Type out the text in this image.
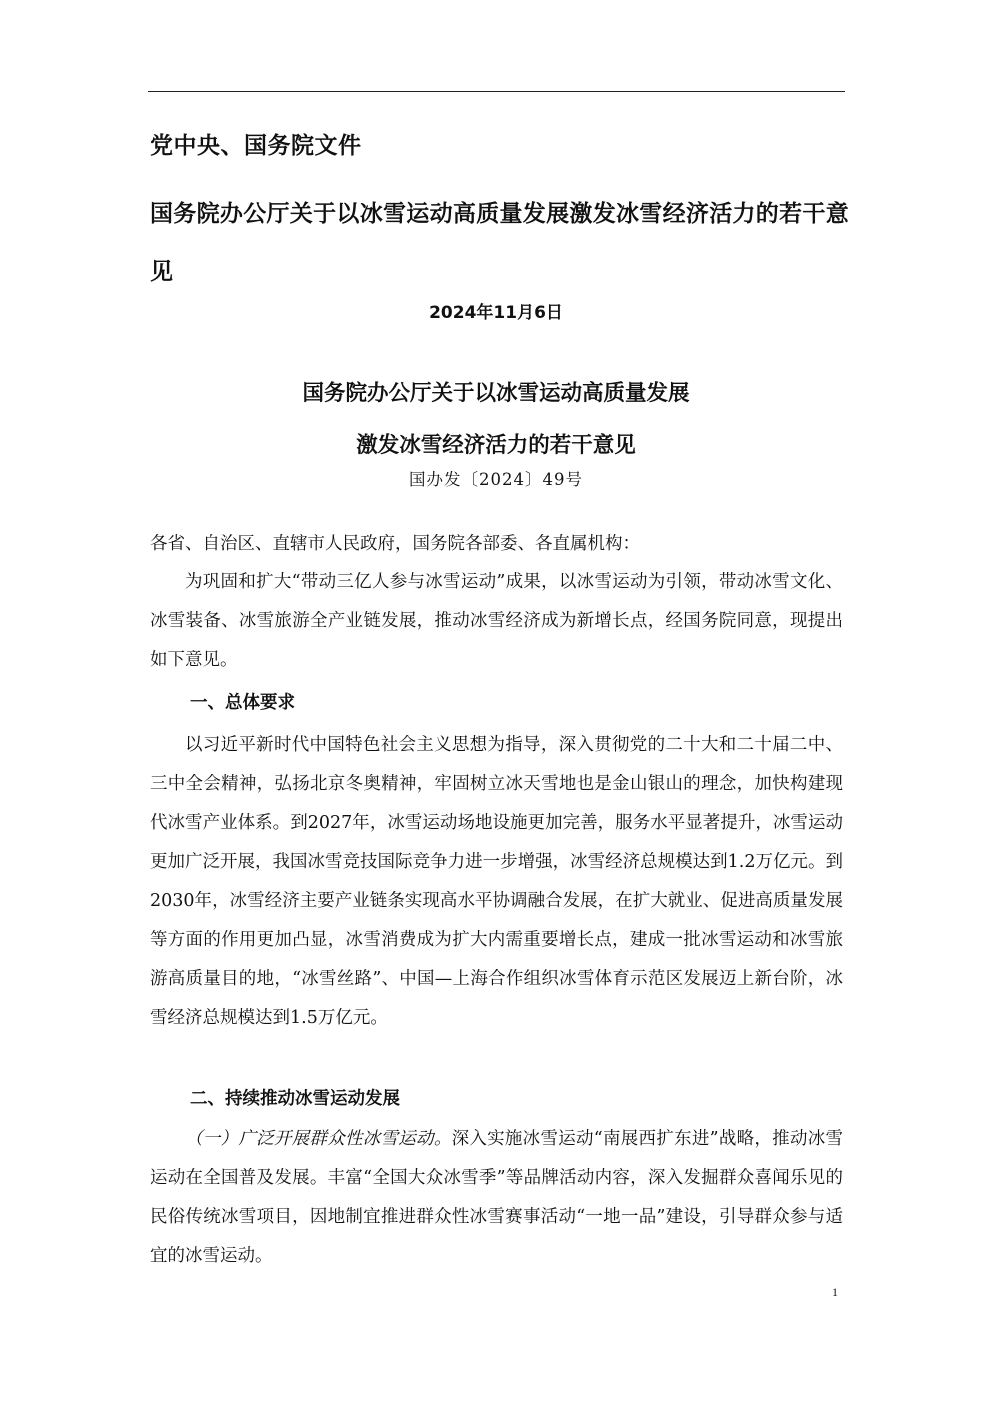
党中央、国务院文件
国务院办公厅关于以冰雪运动高质量发展激发冰雪经济活力的若干意见
2024年11月6日
国务院办公厅关于以冰雪运动高质量发展
激发冰雪经济活力的若干意见
国办发〔2024〕49号

各省、自治区、直辖市人民政府，国务院各部委、各直属机构：

为巩固和扩大“带动三亿人参与冰雪运动”成果，以冰雪运动为引领，带动冰雪文化、冰雪装备、冰雪旅游全产业链发展，推动冰雪经济成为新增长点，经国务院同意，现提出如下意见。

一、总体要求

以习近平新时代中国特色社会主义思想为指导，深入贯彻党的二十大和二十届二中、三中全会精神，弘扬北京冬奥精神，牢固树立冰天雪地也是金山银山的理念，加快构建现代冰雪产业体系。到2027年，冰雪运动场地设施更加完善，服务水平显著提升，冰雪运动更加广泛开展，我国冰雪竞技国际竞争力进一步增强，冰雪经济总规模达到1.2万亿元。到2030年，冰雪经济主要产业链条实现高水平协调融合发展，在扩大就业、促进高质量发展等方面的作用更加凸显，冰雪消费成为扩大内需重要增长点，建成一批冰雪运动和冰雪旅游高质量目的地，“冰雪丝路”、中国—上海合作组织冰雪体育示范区发展迈上新台阶，冰雪经济总规模达到1.5万亿元。

二、持续推动冰雪运动发展

（一）广泛开展群众性冰雪运动。深入实施冰雪运动“南展西扩东进”战略，推动冰雪运动在全国普及发展。丰富“全国大众冰雪季”等品牌活动内容，深入发掘群众喜闻乐见的民俗传统冰雪项目，因地制宜推进群众性冰雪赛事活动“一地一品”建设，引导群众参与适宜的冰雪运动。

1
